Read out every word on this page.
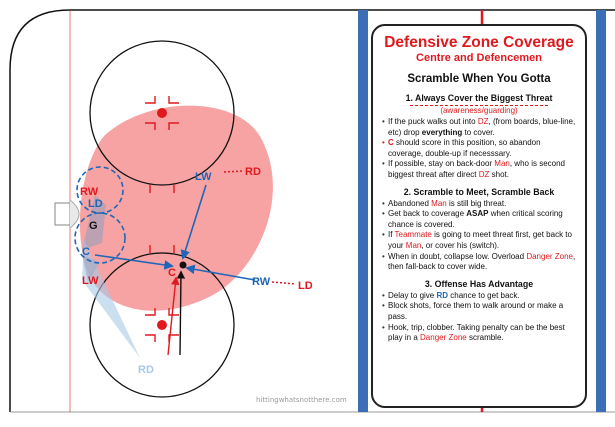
RW
LD
G
C
LW
LW	RD
C
RW	LD
RD
hittingwhatsnotthere.com
Defensive Zone Coverage
Centre and Defencemen
Scramble When You Gotta
1. Always Cover the Biggest Threat
(awareness/guarding)
• If the puck walks out into DZ, (from boards, blue-line, etc) drop everything to cover.
• C should score in this position, so abandon coverage, double-up if necesssary.
• If possible, stay on back-door Man, who is second biggest threat after direct DZ shot.
2. Scramble to Meet, Scramble Back
• Abandoned Man is still big threat.
• Get back to coverage ASAP when critical scoring chance is covered.
• If Teammate is going to meet threat first, get back to your Man, or cover his (switch).
• When in doubt, collapse low. Overload Danger Zone, then fall-back to cover wide.
3. Offense Has Advantage
• Delay to give RD chance to get back.
• Block shots, force them to walk around or make a pass.
• Hook, trip, clobber. Taking penalty can be the best play in a Danger Zone scramble.
